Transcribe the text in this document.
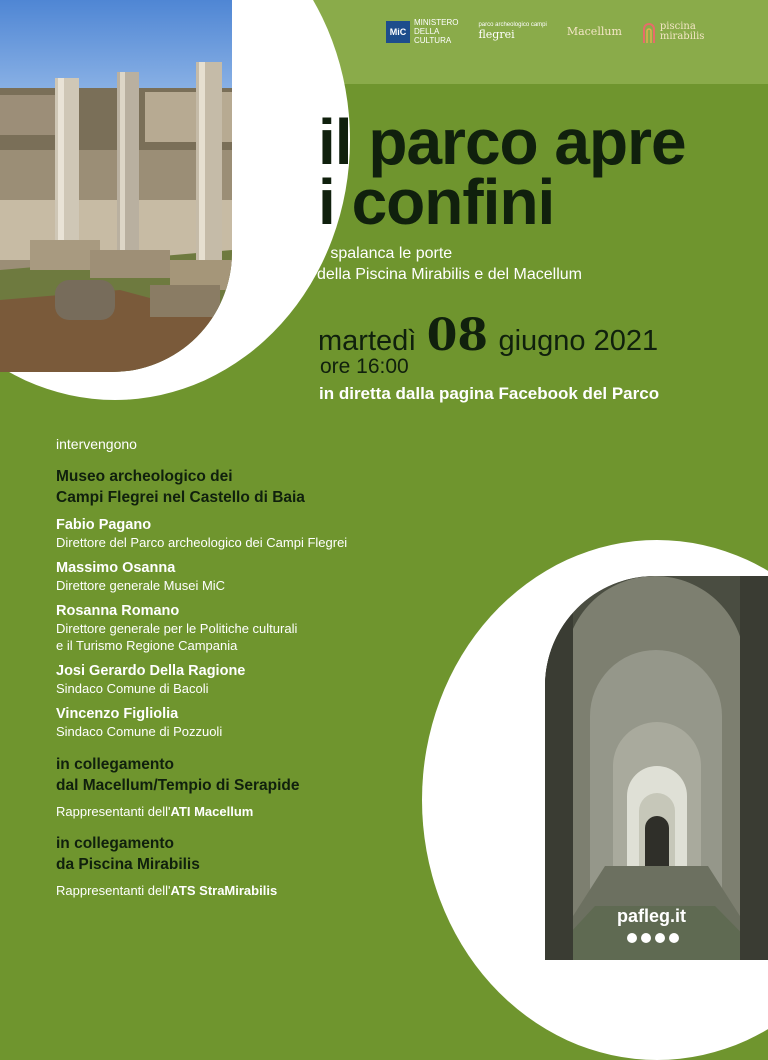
MiC
MINISTERO
DELLA
CULTURA
parco archeologico campi
flegrei	Macellum	piscina
mirabilis
il parco apre
i confini
e spalanca le porte
della Piscina Mirabilis e del Macellum
martedì 08 giugno 2021
ore 16:00
in diretta dalla pagina Facebook del Parco
intervengono
Museo archeologico dei
Campi Flegrei nel Castello di Baia
Fabio Pagano
Direttore del Parco archeologico dei Campi Flegrei
Massimo Osanna
Direttore generale Musei MiC
Rosanna Romano
Direttore generale per le Politiche culturali
e il Turismo Regione Campania
Josi Gerardo Della Ragione
Sindaco Comune di Bacoli
Vincenzo Figliolia
Sindaco Comune di Pozzuoli
in collegamento
dal Macellum/Tempio di Serapide
Rappresentanti dell'ATI Macellum
in collegamento
da Piscina Mirabilis
Rappresentanti dell'ATS StraMirabilis
pafleg.it
